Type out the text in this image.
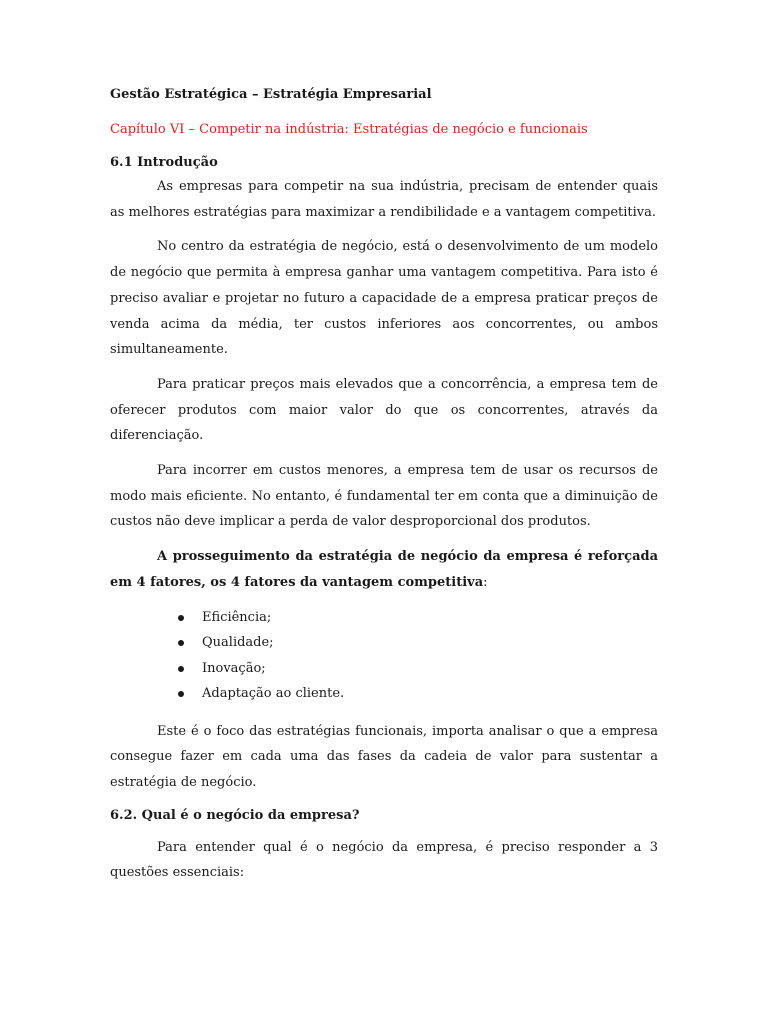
Gestão Estratégica – Estratégia Empresarial

Capítulo VI – Competir na indústria: Estratégias de negócio e funcionais

6.1 Introdução

As empresas para competir na sua indústria, precisam de entender quais as melhores estratégias para maximizar a rendibilidade e a vantagem competitiva.

No centro da estratégia de negócio, está o desenvolvimento de um modelo de negócio que permita à empresa ganhar uma vantagem competitiva. Para isto é preciso avaliar e projetar no futuro a capacidade de a empresa praticar preços de venda acima da média, ter custos inferiores aos concorrentes, ou ambos simultaneamente.

Para praticar preços mais elevados que a concorrência, a empresa tem de oferecer produtos com maior valor do que os concorrentes, através da diferenciação.

Para incorrer em custos menores, a empresa tem de usar os recursos de modo mais eficiente. No entanto, é fundamental ter em conta que a diminuição de custos não deve implicar a perda de valor desproporcional dos produtos.

A prosseguimento da estratégia de negócio da empresa é reforçada em 4 fatores, os 4 fatores da vantagem competitiva:

Eficiência;
Qualidade;
Inovação;
Adaptação ao cliente.

Este é o foco das estratégias funcionais, importa analisar o que a empresa consegue fazer em cada uma das fases da cadeia de valor para sustentar a estratégia de negócio.

6.2. Qual é o negócio da empresa?

Para entender qual é o negócio da empresa, é preciso responder a 3 questões essenciais:
